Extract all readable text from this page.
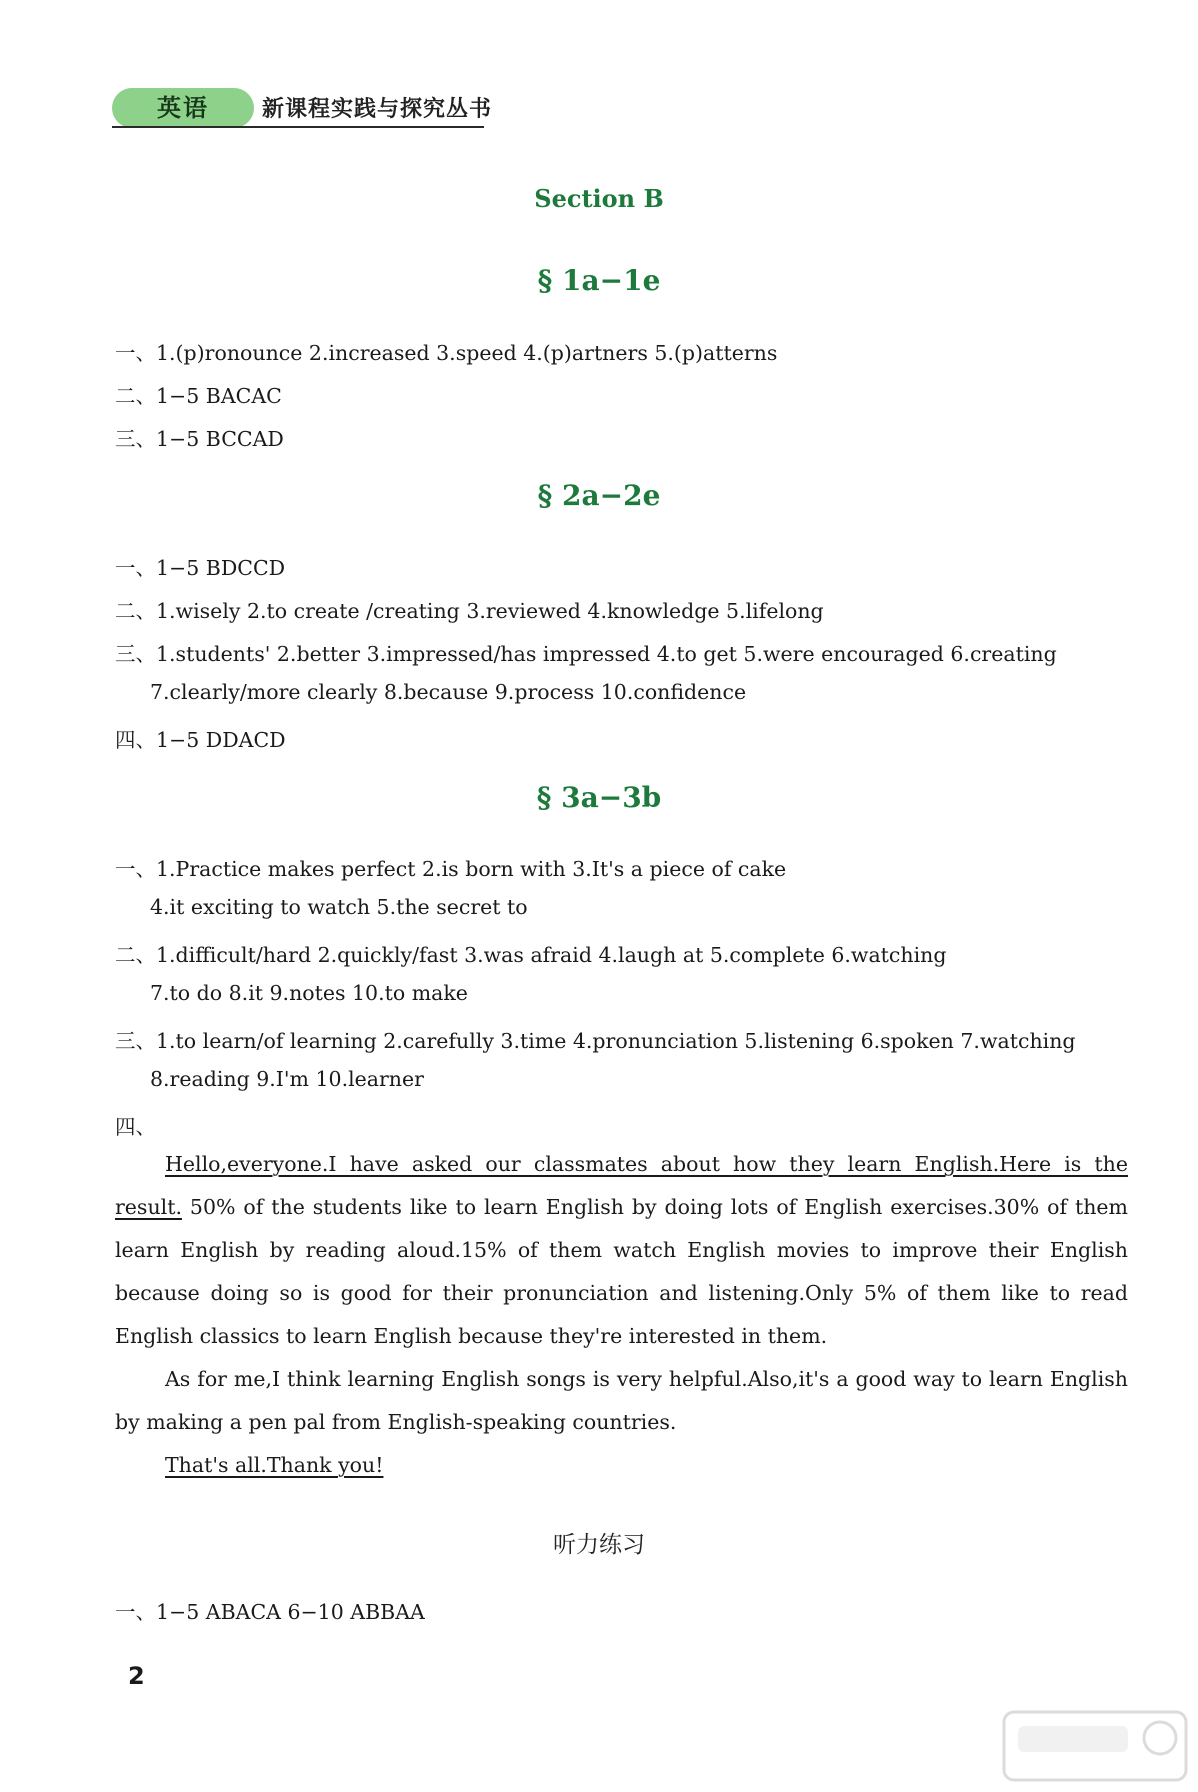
英语	新课程实践与探究丛书
Section B
§ 1a−1e
一、1.(p)ronounce 2.increased 3.speed 4.(p)artners 5.(p)atterns
二、1−5 BACAC
三、1−5 BCCAD
§ 2a−2e
一、1−5 BDCCD
二、1.wisely 2.to create /creating 3.reviewed 4.knowledge 5.lifelong
三、1.students' 2.better 3.impressed/has impressed 4.to get 5.were encouraged 6.creating
7.clearly/more clearly 8.because 9.process 10.confidence
四、1−5 DDACD
§ 3a−3b
一、1.Practice makes perfect 2.is born with 3.It's a piece of cake
4.it exciting to watch 5.the secret to
二、1.difficult/hard 2.quickly/fast 3.was afraid 4.laugh at 5.complete 6.watching
7.to do 8.it 9.notes 10.to make
三、1.to learn/of learning 2.carefully 3.time 4.pronunciation 5.listening 6.spoken 7.watching
8.reading 9.I'm 10.learner
四、
Hello,everyone.I have asked our classmates about how they learn English.Here is the result. 50% of the students like to learn English by doing lots of English exercises.30% of them learn English by reading aloud.15% of them watch English movies to improve their English because doing so is good for their pronunciation and listening.Only 5% of them like to read English classics to learn English because they're interested in them.
As for me,I think learning English songs is very helpful.Also,it's a good way to learn English by making a pen pal from English-speaking countries.
That's all.Thank you!
听力练习
一、1−5 ABACA 6−10 ABBAA
2
